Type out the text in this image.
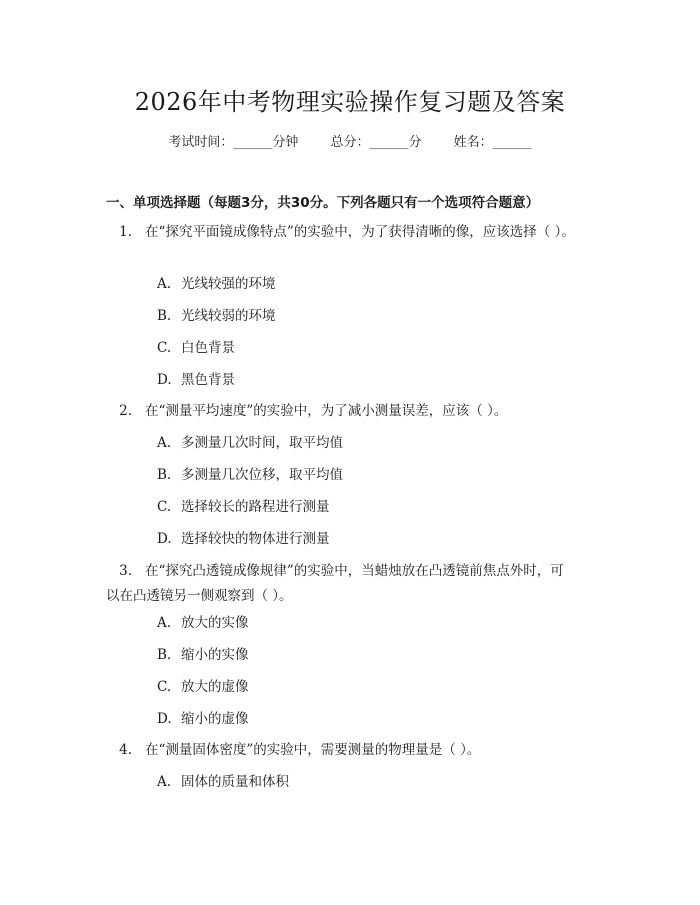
2026年中考物理实验操作复习题及答案
考试时间：______分钟 总分：______分 姓名：______
一、单项选择题（每题3分，共30分。下列各题只有一个选项符合题意）
1. 在“探究平面镜成像特点”的实验中，为了获得清晰的像，应该选择（ ）。
A. 光线较强的环境
B. 光线较弱的环境
C. 白色背景
D. 黑色背景
2. 在“测量平均速度”的实验中，为了减小测量误差，应该（ ）。
A. 多测量几次时间，取平均值
B. 多测量几次位移，取平均值
C. 选择较长的路程进行测量
D. 选择较快的物体进行测量
3. 在“探究凸透镜成像规律”的实验中，当蜡烛放在凸透镜前焦点外时，可以在凸透镜另一侧观察到（ ）。
A. 放大的实像
B. 缩小的实像
C. 放大的虚像
D. 缩小的虚像
4. 在“测量固体密度”的实验中，需要测量的物理量是（ ）。
A. 固体的质量和体积
